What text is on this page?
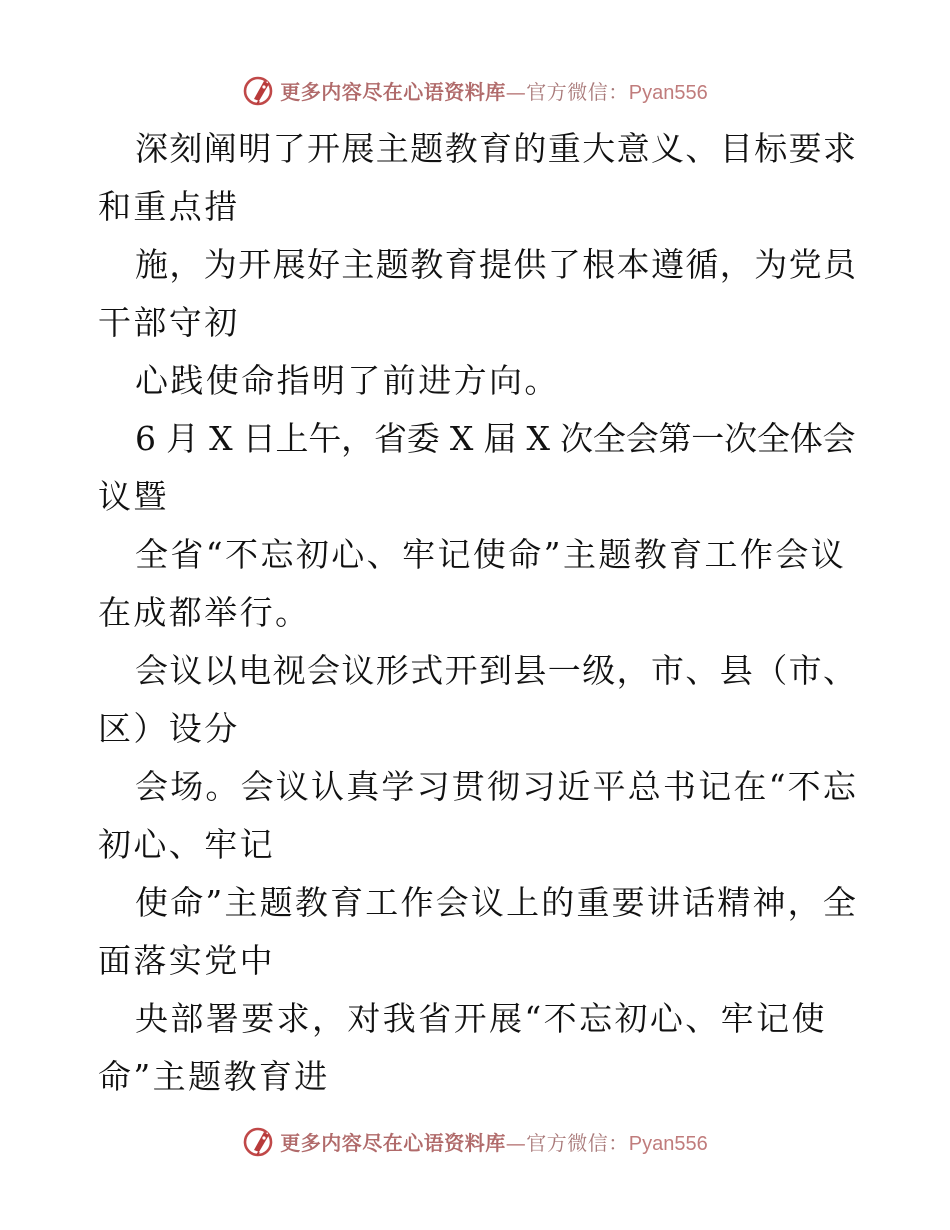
更多内容尽在心语资料库—官方微信：Pyan556
深刻阐明了开展主题教育的重大意义、目标要求
和重点措
施，为开展好主题教育提供了根本遵循，为党员
干部守初
心践使命指明了前进方向。
6 月 X 日上午，省委 X 届 X 次全会第一次全体会
议暨
全省“不忘初心、牢记使命”主题教育工作会议
在成都举行。
会议以电视会议形式开到县一级，市、县（市、
区）设分
会场。会议认真学习贯彻习近平总书记在“不忘
初心、牢记
使命”主题教育工作会议上的重要讲话精神，全
面落实党中
央部署要求，对我省开展“不忘初心、牢记使
命”主题教育进
更多内容尽在心语资料库—官方微信：Pyan556
